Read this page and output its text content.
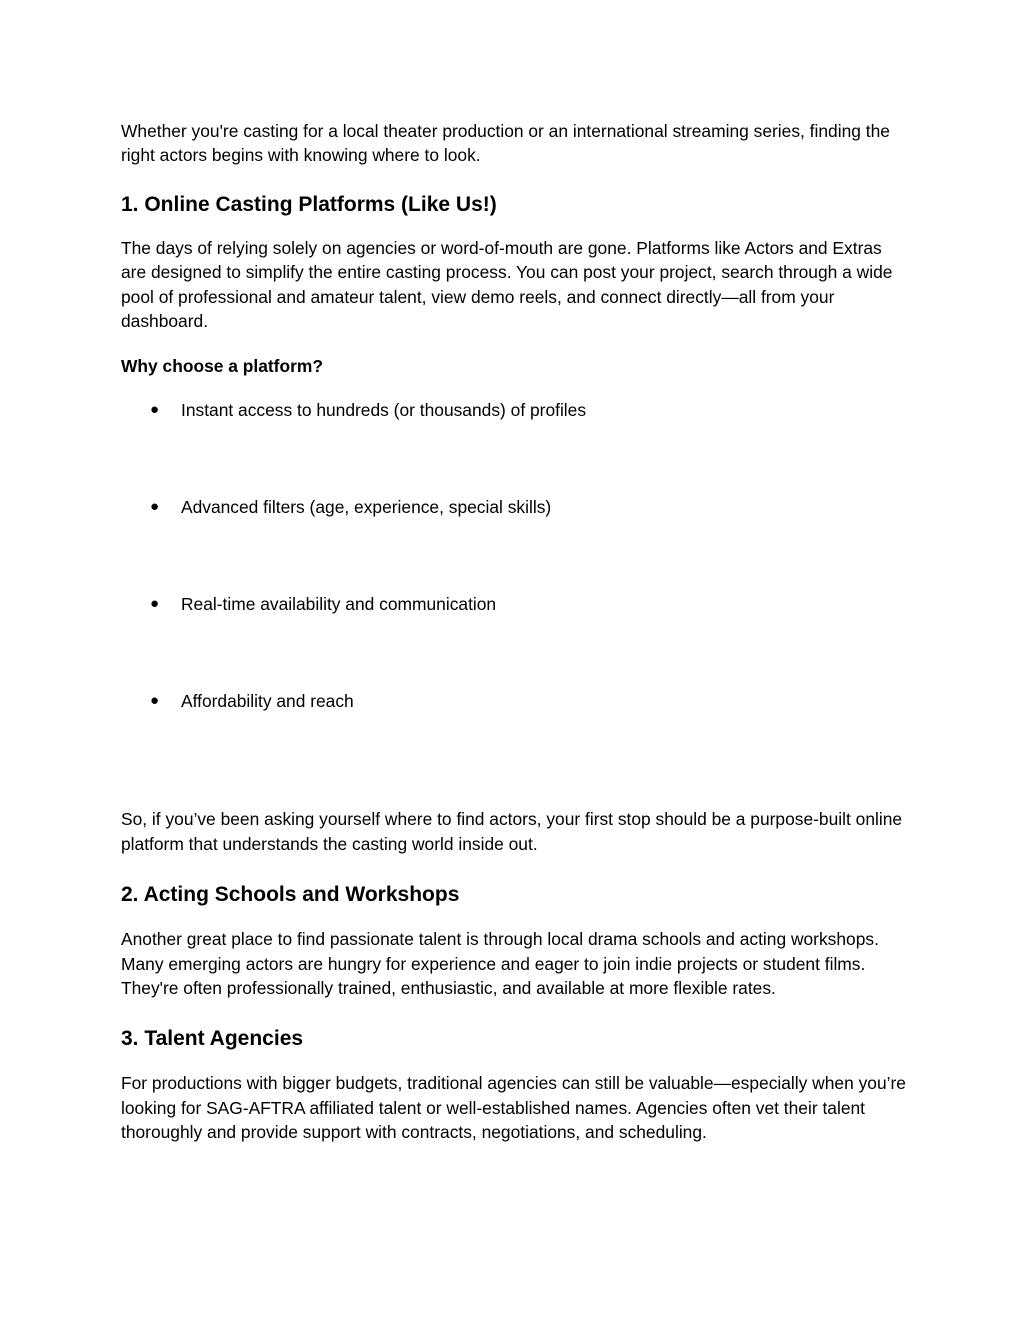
Whether you're casting for a local theater production or an international streaming series, finding the right actors begins with knowing where to look.

1. Online Casting Platforms (Like Us!)

The days of relying solely on agencies or word-of-mouth are gone. Platforms like Actors and Extras are designed to simplify the entire casting process. You can post your project, search through a wide pool of professional and amateur talent, view demo reels, and connect directly—all from your dashboard.

Why choose a platform?
● Instant access to hundreds (or thousands) of profiles
● Advanced filters (age, experience, special skills)
● Real-time availability and communication
● Affordability and reach

So, if you’ve been asking yourself where to find actors, your first stop should be a purpose-built online platform that understands the casting world inside out.

2. Acting Schools and Workshops

Another great place to find passionate talent is through local drama schools and acting workshops. Many emerging actors are hungry for experience and eager to join indie projects or student films. They're often professionally trained, enthusiastic, and available at more flexible rates.

3. Talent Agencies

For productions with bigger budgets, traditional agencies can still be valuable—especially when you’re looking for SAG-AFTRA affiliated talent or well-established names. Agencies often vet their talent thoroughly and provide support with contracts, negotiations, and scheduling.
